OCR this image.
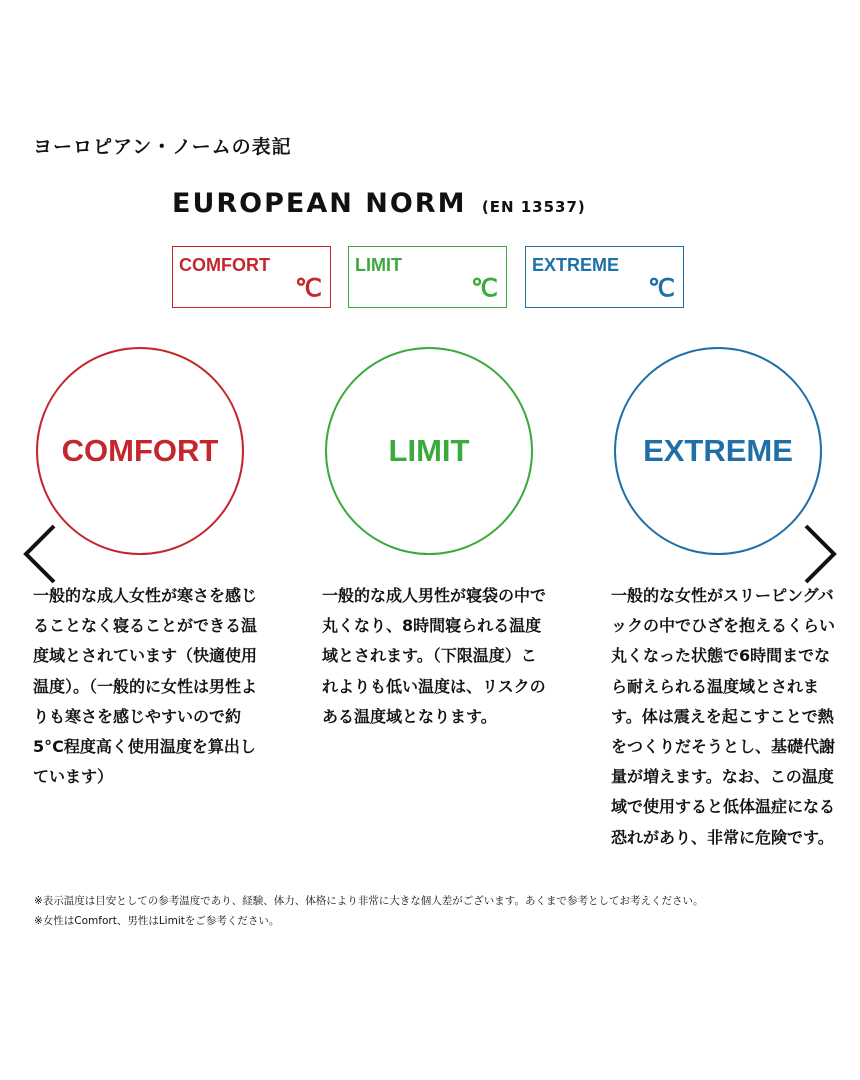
ヨーロピアン・ノームの表記
EUROPEAN NORM (EN 13537)
COMFORT
℃
LIMIT
℃
EXTREME
℃
COMFORT	LIMIT	EXTREME
一般的な成人女性が寒さを感じることなく寝ることができる温度域とされています（快適使用温度）。（一般的に女性は男性よりも寒さを感じやすいので約5°C程度高く使用温度を算出しています）
一般的な成人男性が寝袋の中で丸くなり、8時間寝られる温度域とされます。（下限温度）これよりも低い温度は、リスクのある温度域となります。
一般的な女性がスリーピングバックの中でひざを抱えるくらい丸くなった状態で6時間までなら耐えられる温度域とされます。体は震えを起こすことで熱をつくりだそうとし、基礎代謝量が増えます。なお、この温度域で使用すると低体温症になる恐れがあり、非常に危険です。
※表示温度は目安としての参考温度であり、経験、体力、体格により非常に大きな個人差がございます。あくまで参考としてお考えください。
※女性はComfort、男性はLimitをご参考ください。
